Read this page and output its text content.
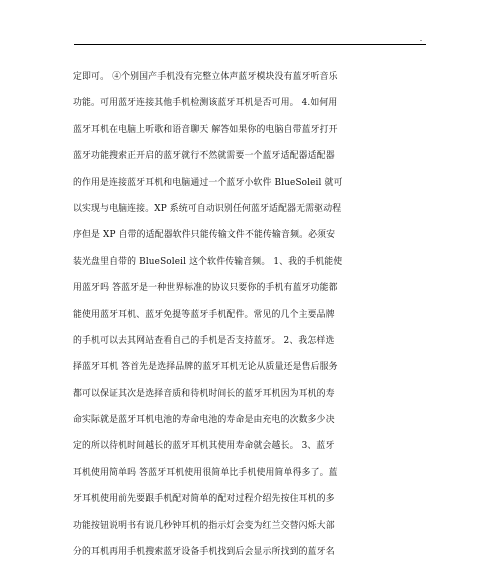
.
定即可。 ④个别国产手机没有完整立体声蓝牙模块没有蓝牙听音乐
功能。可用蓝牙连接其他手机检测该蓝牙耳机是否可用。 4.如何用
蓝牙耳机在电脑上听歌和语音聊天 解答如果你的电脑自带蓝牙打开
蓝牙功能搜索正开启的蓝牙就行不然就需要一个蓝牙适配器适配器
的作用是连接蓝牙耳机和电脑通过一个蓝牙小软件 BlueSoleil 就可
以实现与电脑连接。XP 系统可自动识别任何蓝牙适配器无需驱动程
序但是 XP 自带的适配器软件只能传输文件不能传输音频。必须安
装光盘里自带的 BlueSoleil 这个软件传输音频。 1、我的手机能使
用蓝牙吗 答蓝牙是一种世界标准的协议只要你的手机有蓝牙功能都
能使用蓝牙耳机、蓝牙免提等蓝牙手机配件。常见的几个主要品牌
的手机可以去其网站查看自己的手机是否支持蓝牙。 2、我怎样选
择蓝牙耳机 答首先是选择品牌的蓝牙耳机无论从质量还是售后服务
都可以保证其次是选择音质和待机时间长的蓝牙耳机因为耳机的寿
命实际就是蓝牙耳机电池的寿命电池的寿命是由充电的次数多少决
定的所以待机时间越长的蓝牙耳机其使用寿命就会越长。 3、蓝牙
耳机使用简单吗 答蓝牙耳机使用很简单比手机使用简单得多了。蓝
牙耳机使用前先要跟手机配对简单的配对过程介绍先按住耳机的多
功能按钮说明书有说几秒钟耳机的指示灯会变为红兰交替闪烁大部
分的耳机再用手机搜索蓝牙设备手机找到后会显示所找到的蓝牙名
